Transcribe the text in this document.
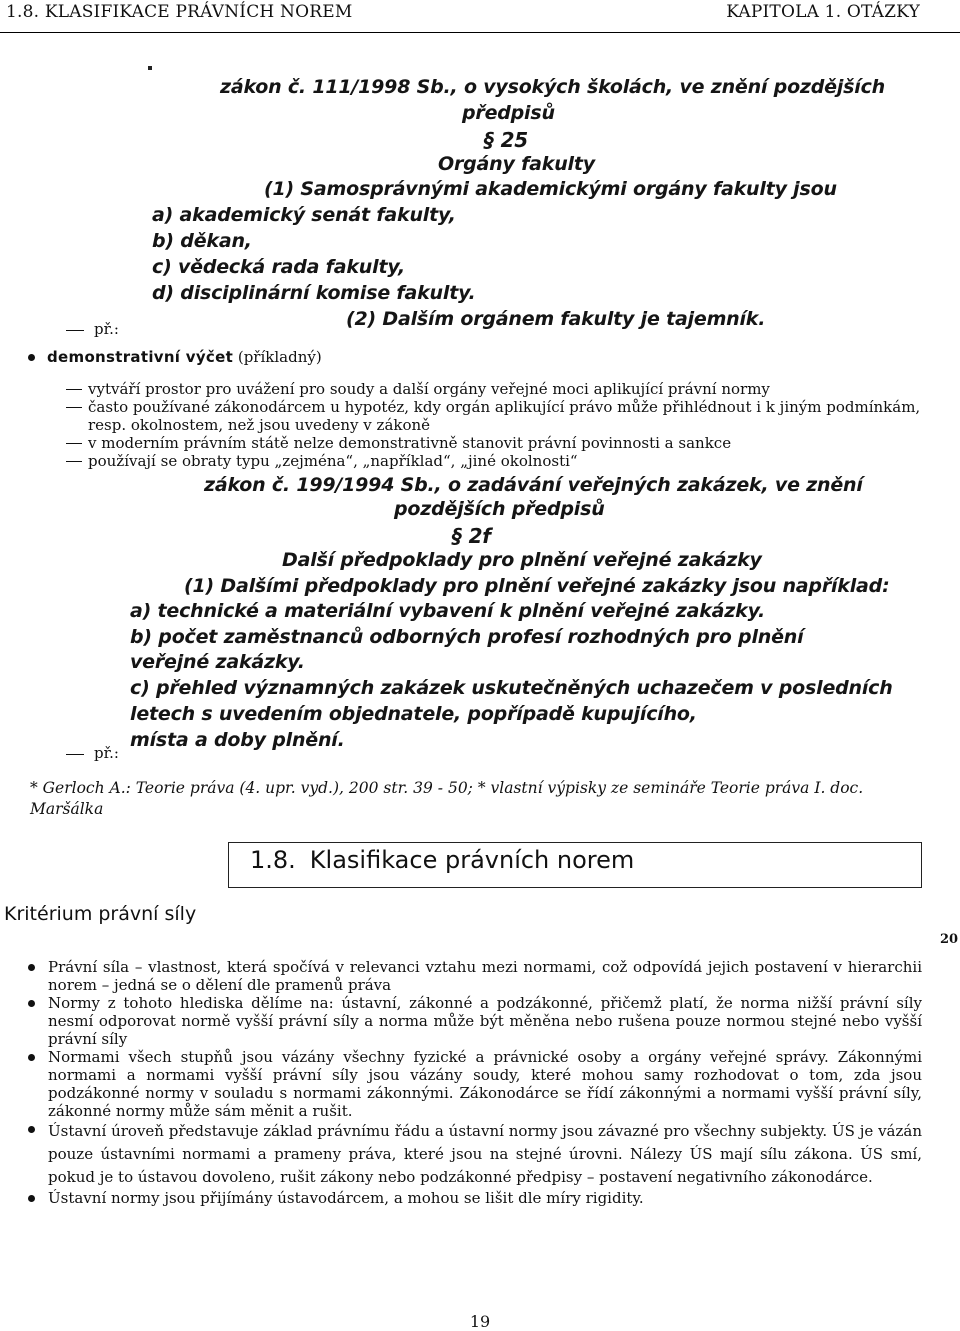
1.8. KLASIFIKACE PRÁVNÍCH NOREM	KAPITOLA 1. OTÁZKY
zákon č. 111/1998 Sb., o vysokých školách, ve znění pozdějších
předpisů
§ 25
Orgány fakulty
(1) Samosprávnými akademickými orgány fakulty jsou
a) akademický senát fakulty,
b) děkan,
c) vědecká rada fakulty,
d) disciplinární komise fakulty.
(2) Dalším orgánem fakulty je tajemník.
př.:
demonstrativní výčet (příkladný)
vytváří prostor pro uvážení pro soudy a další orgány veřejné moci aplikující právní normy
často používané zákonodárcem u hypotéz, kdy orgán aplikující právo může přihlédnout i k jiným podmínkám, resp. okolnostem, než jsou uvedeny v zákoně
v moderním právním státě nelze demonstrativně stanovit právní povinnosti a sankce
používají se obraty typu „zejména“, „například“, „jiné okolnosti“
zákon č. 199/1994 Sb., o zadávání veřejných zakázek, ve znění
pozdějších předpisů
§ 2f
Další předpoklady pro plnění veřejné zakázky
(1) Dalšími předpoklady pro plnění veřejné zakázky jsou například:
a) technické a materiální vybavení k plnění veřejné zakázky.
b) počet zaměstnanců odborných profesí rozhodných pro plnění
veřejné zakázky.
c) přehled významných zakázek uskutečněných uchazečem v posledních
letech s uvedením objednatele, popřípadě kupujícího,
místa a doby plnění.
př.:
* Gerloch A.: Teorie práva (4. upr. vyd.), 200 str. 39 - 50; * vlastní výpisky ze semináře Teorie práva I. doc. Maršálka
1.8. Klasifikace právních norem
Kritérium právní síly
20
Právní síla – vlastnost, která spočívá v relevanci vztahu mezi normami, což odpovídá jejich postavení v hierarchii norem – jedná se o dělení dle pramenů práva
Normy z tohoto hlediska dělíme na: ústavní, zákonné a podzákonné, přičemž platí, že norma nižší právní síly nesmí odporovat normě vyšší právní síly a norma může být měněna nebo rušena pouze normou stejné nebo vyšší právní síly
Normami všech stupňů jsou vázány všechny fyzické a právnické osoby a orgány veřejné správy. Zákonnými normami a normami vyšší právní síly jsou vázány soudy, které mohou samy rozhodovat o tom, zda jsou podzákonné normy v souladu s normami zákonnými. Zákonodárce se řídí zákonnými a normami vyšší právní síly, zákonné normy může sám měnit a rušit.
Ústavní úroveň představuje základ právnímu řádu a ústavní normy jsou závazné pro všechny subjekty. ÚS je vázán pouze ústavními normami a prameny práva, které jsou na stejné úrovni. Nálezy ÚS mají sílu zákona. ÚS smí, pokud je to ústavou dovoleno, rušit zákony nebo podzákonné předpisy – postavení negativního zákonodárce.
Ústavní normy jsou přijímány ústavodárcem, a mohou se lišit dle míry rigidity.
19
